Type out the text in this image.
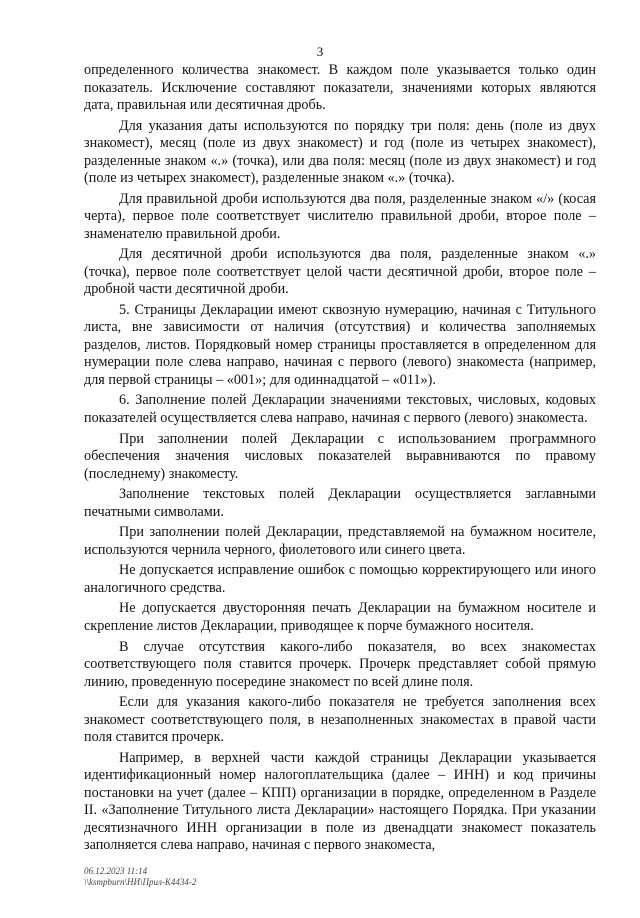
3

определенного количества знакомест. В каждом поле указывается только один показатель. Исключение составляют показатели, значениями которых являются дата, правильная или десятичная дробь.

Для указания даты используются по порядку три поля: день (поле из двух знакомест), месяц (поле из двух знакомест) и год (поле из четырех знакомест), разделенные знаком «.» (точка), или два поля: месяц (поле из двух знакомест) и год (поле из четырех знакомест), разделенные знаком «.» (точка).

Для правильной дроби используются два поля, разделенные знаком «/» (косая черта), первое поле соответствует числителю правильной дроби, второе поле – знаменателю правильной дроби.

Для десятичной дроби используются два поля, разделенные знаком «.» (точка), первое поле соответствует целой части десятичной дроби, второе поле – дробной части десятичной дроби.

5. Страницы Декларации имеют сквозную нумерацию, начиная с Титульного листа, вне зависимости от наличия (отсутствия) и количества заполняемых разделов, листов. Порядковый номер страницы проставляется в определенном для нумерации поле слева направо, начиная с первого (левого) знакоместа (например, для первой страницы – «001»; для одиннадцатой – «011»).

6. Заполнение полей Декларации значениями текстовых, числовых, кодовых показателей осуществляется слева направо, начиная с первого (левого) знакоместа.

При заполнении полей Декларации с использованием программного обеспечения значения числовых показателей выравниваются по правому (последнему) знакоместу.

Заполнение текстовых полей Декларации осуществляется заглавными печатными символами.

При заполнении полей Декларации, представляемой на бумажном носителе, используются чернила черного, фиолетового или синего цвета.

Не допускается исправление ошибок с помощью корректирующего или иного аналогичного средства.

Не допускается двусторонняя печать Декларации на бумажном носителе и скрепление листов Декларации, приводящее к порче бумажного носителя.

В случае отсутствия какого-либо показателя, во всех знакоместах соответствующего поля ставится прочерк. Прочерк представляет собой прямую линию, проведенную посередине знакомест по всей длине поля.

Если для указания какого-либо показателя не требуется заполнения всех знакомест соответствующего поля, в незаполненных знакоместах в правой части поля ставится прочерк.

Например, в верхней части каждой страницы Декларации указывается идентификационный номер налогоплательщика (далее – ИНН) и код причины постановки на учет (далее – КПП) организации в порядке, определенном в Разделе II. «Заполнение Титульного листа Декларации» настоящего Порядка. При указании десятизначного ИНН организации в поле из двенадцати знакомест показатель заполняется слева направо, начиная с первого знакоместа,

06.12.2023 11:14
\\ksmpburn\НИ\Прил-К4434-2
